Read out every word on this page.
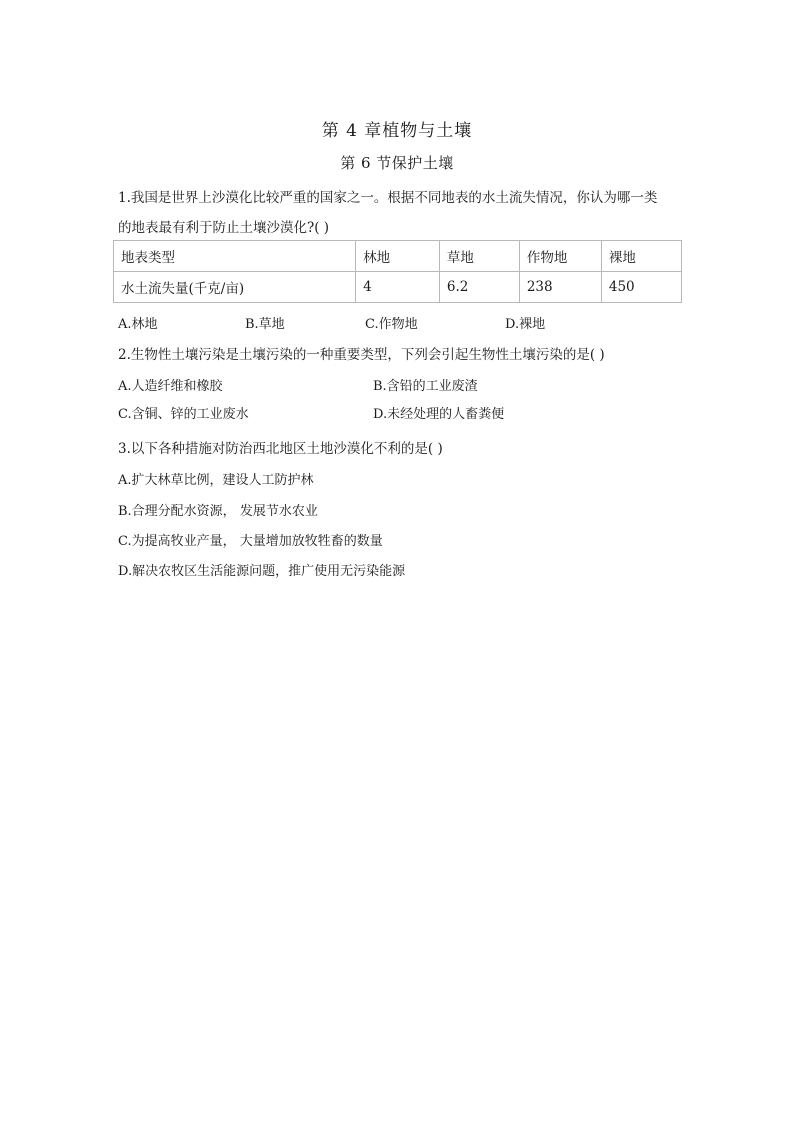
第 4 章植物与土壤
第 6 节保护土壤
1.我国是世界上沙漠化比较严重的国家之一。根据不同地表的水土流失情况，你认为哪一类
的地表最有利于防止土壤沙漠化?( )
地表类型	林地	草地	作物地	裸地
水土流失量(千克/亩)	4	6.2	238	450
A.林地	B.草地	C.作物地	D.裸地
2.生物性土壤污染是土壤污染的一种重要类型，下列会引起生物性土壤污染的是( )
A.人造纤维和橡胶	B.含铅的工业废渣
C.含铜、锌的工业废水	D.未经处理的人畜粪便
3.以下各种措施对防治西北地区土地沙漠化不利的是( )
A.扩大林草比例，建设人工防护林
B.合理分配水资源， 发展节水农业
C.为提高牧业产量， 大量增加放牧牲畜的数量
D.解决农牧区生活能源问题，推广使用无污染能源
